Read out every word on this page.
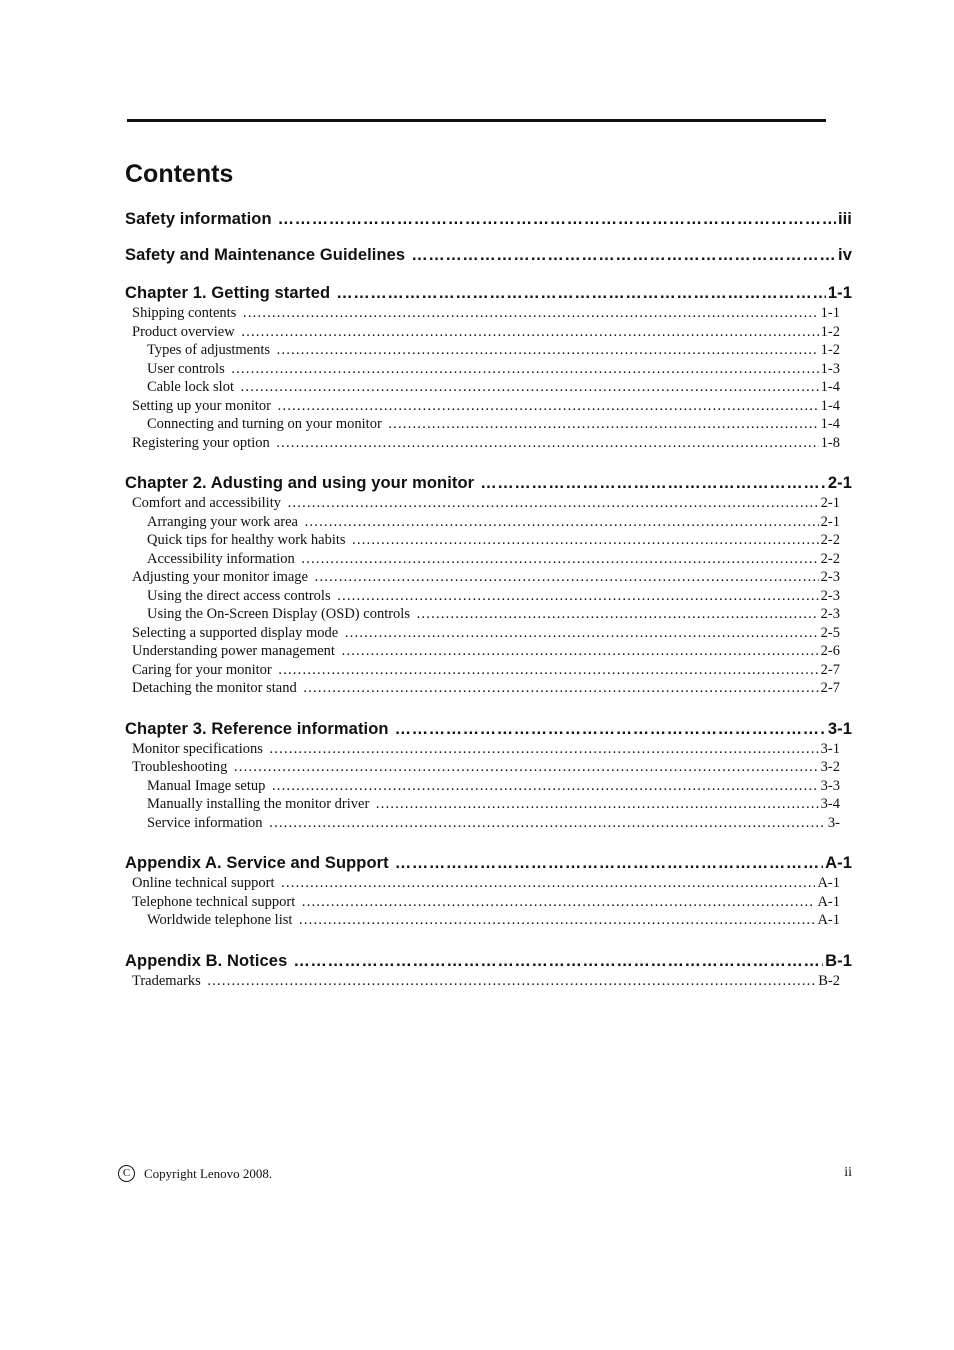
Contents
Safety information …………………………………………………………………………………………………………………………………………………………………………………………	iii
Safety and Maintenance Guidelines …………………………………………………………………………………………………………………………………………………………………………………………	iv
Chapter 1. Getting started …………………………………………………………………………………………………………………………………………………………………………………………	1-1
Shipping contents ……………………………………………………………………………………………………………………………………………………………………………………………………………………	1-1
Product overview ……………………………………………………………………………………………………………………………………………………………………………………………………………………	1-2
Types of adjustments ……………………………………………………………………………………………………………………………………………………………………………………………………………………	1-2
User controls ……………………………………………………………………………………………………………………………………………………………………………………………………………………	1-3
Cable lock slot ……………………………………………………………………………………………………………………………………………………………………………………………………………………	1-4
Setting up your monitor ……………………………………………………………………………………………………………………………………………………………………………………………………………………	1-4
Connecting and turning on your monitor ……………………………………………………………………………………………………………………………………………………………………………………………………………………	1-4
Registering your option ……………………………………………………………………………………………………………………………………………………………………………………………………………………	1-8
Chapter 2. Adusting and using your monitor …………………………………………………………………………………………………………………………………………………………………………………………	2-1
Comfort and accessibility ……………………………………………………………………………………………………………………………………………………………………………………………………………………	2-1
Arranging your work area ……………………………………………………………………………………………………………………………………………………………………………………………………………………	2-1
Quick tips for healthy work habits ……………………………………………………………………………………………………………………………………………………………………………………………………………………	2-2
Accessibility information ……………………………………………………………………………………………………………………………………………………………………………………………………………………	2-2
Adjusting your monitor image ……………………………………………………………………………………………………………………………………………………………………………………………………………………	2-3
Using the direct access controls ……………………………………………………………………………………………………………………………………………………………………………………………………………………	2-3
Using the On-Screen Display (OSD) controls ……………………………………………………………………………………………………………………………………………………………………………………………………………………	2-3
Selecting a supported display mode ……………………………………………………………………………………………………………………………………………………………………………………………………………………	2-5
Understanding power management ……………………………………………………………………………………………………………………………………………………………………………………………………………………	2-6
Caring for your monitor ……………………………………………………………………………………………………………………………………………………………………………………………………………………	2-7
Detaching the monitor stand ……………………………………………………………………………………………………………………………………………………………………………………………………………………	2-7
Chapter 3. Reference information …………………………………………………………………………………………………………………………………………………………………………………………	3-1
Monitor specifications ……………………………………………………………………………………………………………………………………………………………………………………………………………………	3-1
Troubleshooting ……………………………………………………………………………………………………………………………………………………………………………………………………………………	3-2
Manual Image setup ……………………………………………………………………………………………………………………………………………………………………………………………………………………	3-3
Manually installing the monitor driver ……………………………………………………………………………………………………………………………………………………………………………………………………………………	3-4
Service information ……………………………………………………………………………………………………………………………………………………………………………………………………………………	3-
Appendix A. Service and Support …………………………………………………………………………………………………………………………………………………………………………………………	A-1
Online technical support ……………………………………………………………………………………………………………………………………………………………………………………………………………………	A-1
Telephone technical support ……………………………………………………………………………………………………………………………………………………………………………………………………………………	A-1
Worldwide telephone list ……………………………………………………………………………………………………………………………………………………………………………………………………………………	A-1
Appendix B. Notices …………………………………………………………………………………………………………………………………………………………………………………………	B-1
Trademarks ……………………………………………………………………………………………………………………………………………………………………………………………………………………	B-2
C	Copyright Lenovo 2008.	ii
